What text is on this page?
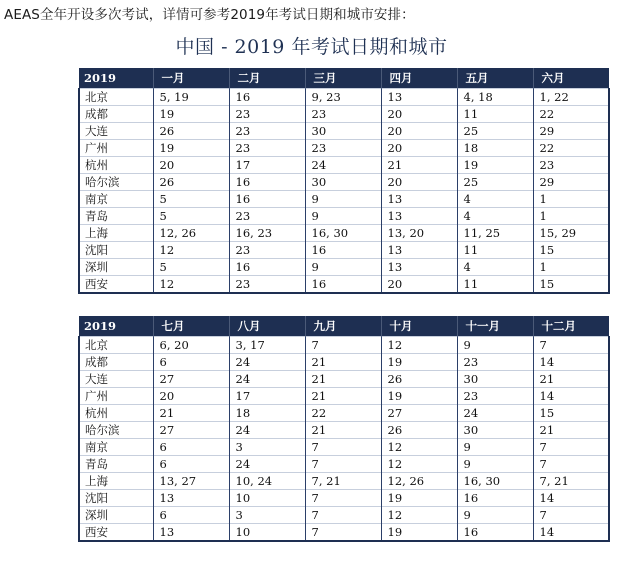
AEAS全年开设多次考试，详情可参考2019年考试日期和城市安排：
中国 - 2019 年考试日期和城市
2019	一月	二月	三月	四月	五月	六月
北京	5, 19	16	9, 23	13	4, 18	1, 22
成都	19	23	23	20	11	22
大连	26	23	30	20	25	29
广州	19	23	23	20	18	22
杭州	20	17	24	21	19	23
哈尔滨	26	16	30	20	25	29
南京	5	16	9	13	4	1
青岛	5	23	9	13	4	1
上海	12, 26	16, 23	16, 30	13, 20	11, 25	15, 29
沈阳	12	23	16	13	11	15
深圳	5	16	9	13	4	1
西安	12	23	16	20	11	15
2019	七月	八月	九月	十月	十一月	十二月
北京	6, 20	3, 17	7	12	9	7
成都	6	24	21	19	23	14
大连	27	24	21	26	30	21
广州	20	17	21	19	23	14
杭州	21	18	22	27	24	15
哈尔滨	27	24	21	26	30	21
南京	6	3	7	12	9	7
青岛	6	24	7	12	9	7
上海	13, 27	10, 24	7, 21	12, 26	16, 30	7, 21
沈阳	13	10	7	19	16	14
深圳	6	3	7	12	9	7
西安	13	10	7	19	16	14
